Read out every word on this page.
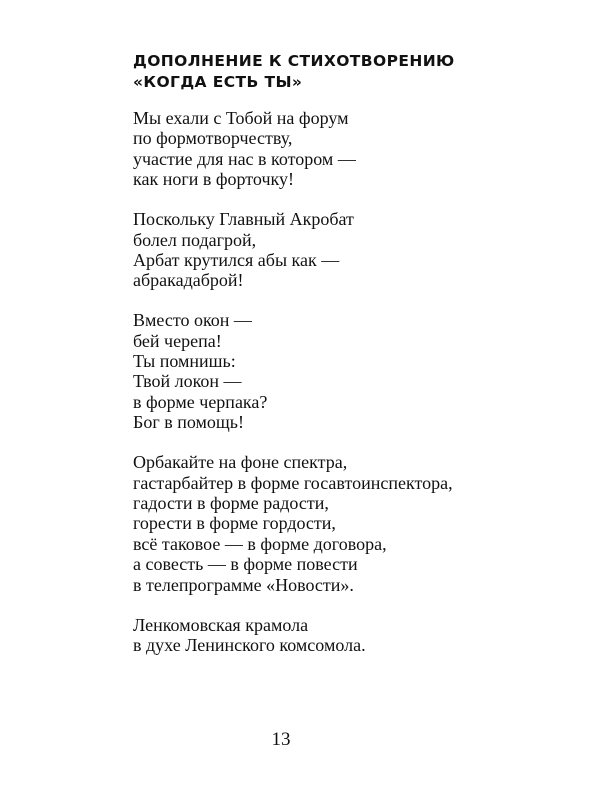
ДОПОЛНЕНИЕ К СТИХОТВОРЕНИЮ
«КОГДА ЕСТЬ ТЫ»
Мы ехали с Тобой на форум
по формотворчеству,
участие для нас в котором —
как ноги в форточку!
Поскольку Главный Акробат
болел подагрой,
Арбат крутился абы как —
абракадаброй!
Вместо окон —
бей черепа!
Ты помнишь:
Твой локон —
в форме черпака?
Бог в помощь!
Орбакайте на фоне спектра,
гастарбайтер в форме госавтоинспектора,
гадости в форме радости,
горести в форме гордости,
всё таковое — в форме договора,
а совесть — в форме повести
в телепрограмме «Новости».
Ленкомовская крамола
в духе Ленинского комсомола.
13
